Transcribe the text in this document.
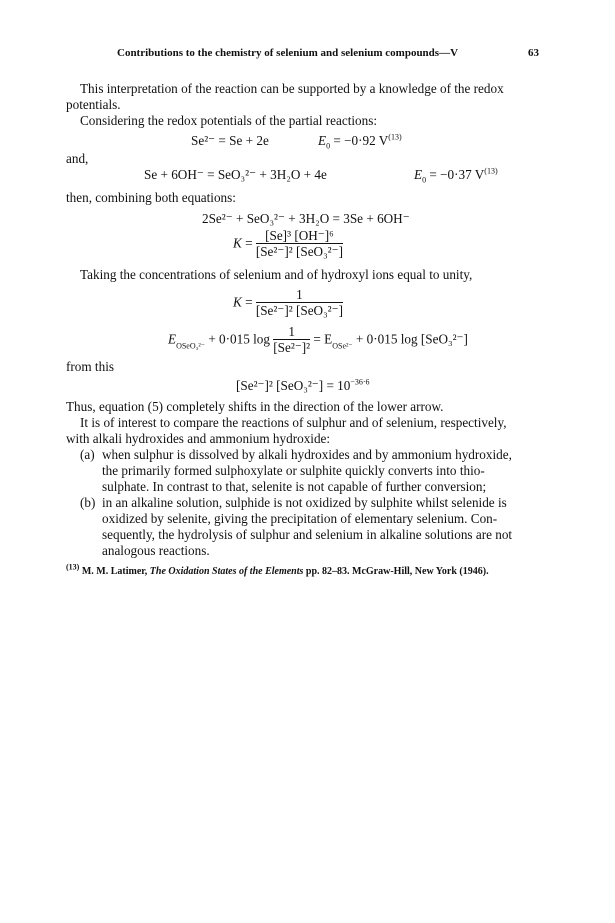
Contributions to the chemistry of selenium and selenium compounds—V	63
This interpretation of the reaction can be supported by a knowledge of the redox
potentials.
Considering the redox potentials of the partial reactions:
Se²⁻ = Se + 2e	$E_0 = -0\cdot 92$ $V^{(13)}$
and,
Se + 6OH⁻ = SeO₃²⁻ + 3H₂O + 4e	$E_0 = -0\cdot 37$ $V^{(13)}$
then, combining both equations:
2Se²⁻ + SeO₃²⁻ + 3H₂O = 3Se + 6OH⁻
$K = \frac{\text{[Se]³ [OH⁻]⁶}}{\text{[Se²⁻]² [SeO₃²⁻]}}$
Taking the concentrations of selenium and of hydroxyl ions equal to unity,
$K = \frac{1}{\text{[Se²⁻]² [SeO₃²⁻]}}$
$E_{OSeO_3^{2-}} + 0\cdot 015$ $\log \frac{1}{\text{[Se²⁻]²}} = E_{OSe^{2-}} + 0\cdot 015$ log [SeO₃²⁻]
from this
[Se²⁻]² $[SeO_3^{2-}] = 10^{-36\cdot 6}$
Thus, equation (5) completely shifts in the direction of the lower arrow.
It is of interest to compare the reactions of sulphur and of selenium, respectively,
with alkali hydroxides and ammonium hydroxide:
(a) when sulphur is dissolved by alkali hydroxides and by ammonium hydroxide,
the primarily formed sulphoxylate or sulphite quickly converts into thio-
sulphate. In contrast to that, selenite is not capable of further conversion;
(b) in an alkaline solution, sulphide is not oxidized by sulphite whilst selenide is
oxidized by selenite, giving the precipitation of elementary selenium. Con-
sequently, the hydrolysis of sulphur and selenium in alkaline solutions are not
analogous reactions.
$^{(13)}$ M. M. Latimer, The Oxidation States of the Elements pp. 82–83. McGraw-Hill, New York (1946).
